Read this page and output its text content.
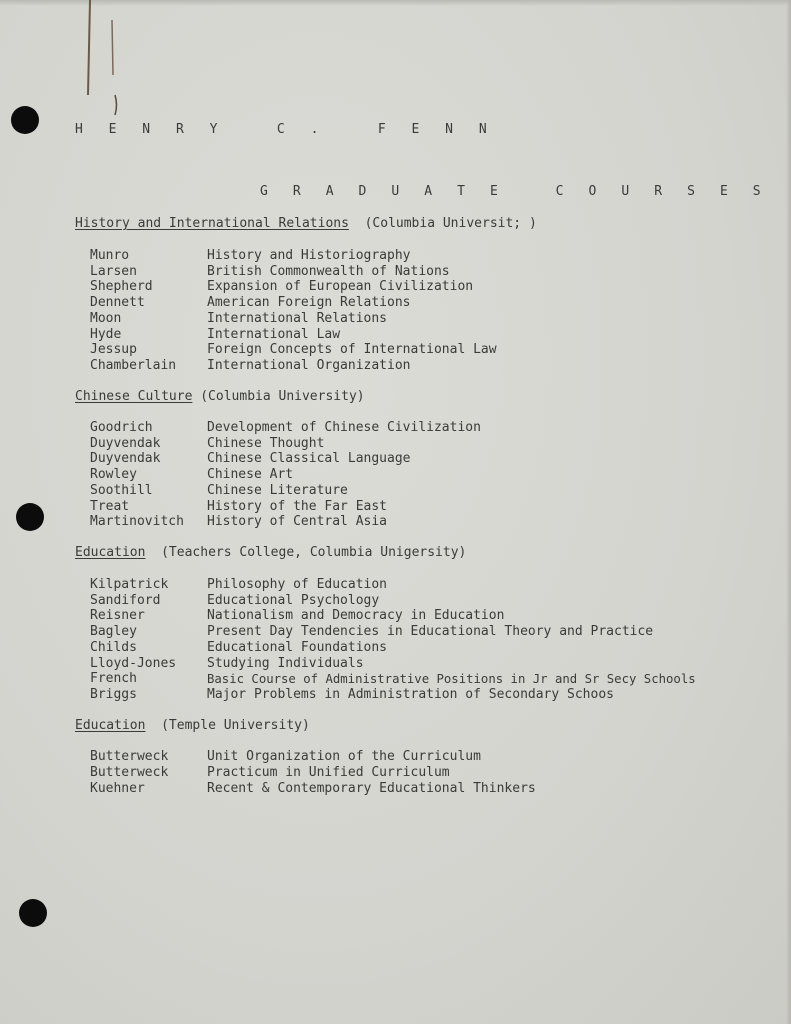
H E N R Y   C .   F E N N
G R A D U A T E   C O U R S E S
History and International Relations (Columbia Universit; )
Munro	History and Historiography
Larsen	British Commonwealth of Nations
Shepherd	Expansion of European Civilization
Dennett	American Foreign Relations
Moon	International Relations
Hyde	International Law
Jessup	Foreign Concepts of International Law
Chamberlain International Organization
Chinese Culture (Columbia University)
Goodrich	Development of Chinese Civilization
Duyvendak	Chinese Thought
Duyvendak	Chinese Classical Language
Rowley	Chinese Art
Soothill	Chinese Literature
Treat	History of the Far East
Martinovitch History of Central Asia
Education (Teachers College, Columbia Unigersity)
Kilpatrick	Philosophy of Education
Sandiford	Educational Psychology
Reisner	Nationalism and Democracy in Education
Bagley	Present Day Tendencies in Educational Theory and Practice
Childs	Educational Foundations
Lloyd-Jones Studying Individuals
French	Basic Course of Administrative Positions in Jr and Sr Secy Schools
Briggs	Major Problems in Administration of Secondary Schoos
Education (Temple University)
Butterweck	Unit Organization of the Curriculum
Butterweck	Practicum in Unified Curriculum
Kuehner	Recent & Contemporary Educational Thinkers
